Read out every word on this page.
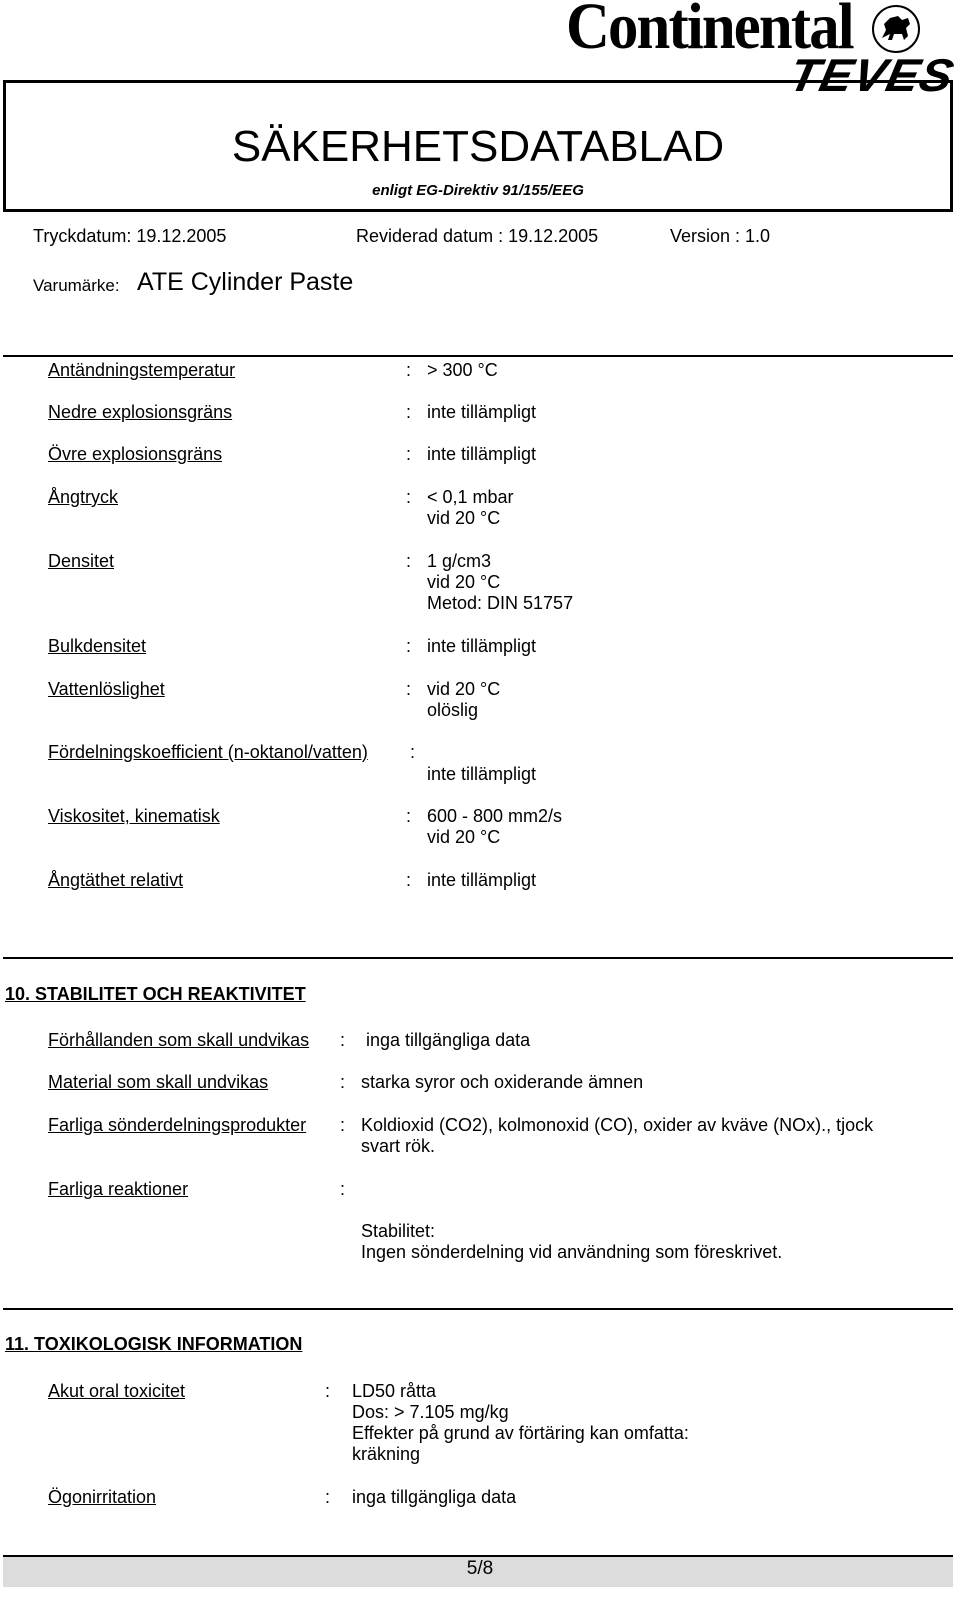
Continental
TEVES
SÄKERHETSDATABLAD
enligt EG-Direktiv 91/155/EEG
Tryckdatum: 19.12.2005	Reviderad datum : 19.12.2005	Version : 1.0
Varumärke: ATE Cylinder Paste
Antändningstemperatur	: > 300 °C
Nedre explosionsgräns	: inte tillämpligt
Övre explosionsgräns	: inte tillämpligt
Ångtryck	: < 0,1 mbar
vid 20 °C
Densitet	: 1 g/cm3
vid 20 °C
Metod: DIN 51757
Bulkdensitet	: inte tillämpligt
Vattenlöslighet	: vid 20 °C
olöslig
Fördelningskoefficient (n-oktanol/vatten) :
inte tillämpligt
Viskositet, kinematisk	: 600 - 800 mm2/s
vid 20 °C
Ångtäthet relativt	: inte tillämpligt
10. STABILITET OCH REAKTIVITET
Förhållanden som skall undvikas : inga tillgängliga data
Material som skall undvikas	: starka syror och oxiderande ämnen
Farliga sönderdelningsprodukter : Koldioxid (CO2), kolmonoxid (CO), oxider av kväve (NOx)., tjock
svart rök.
Farliga reaktioner	:
Stabilitet:
Ingen sönderdelning vid användning som föreskrivet.
11. TOXIKOLOGISK INFORMATION
Akut oral toxicitet	: LD50 råtta
Dos: > 7.105 mg/kg
Effekter på grund av förtäring kan omfatta:
kräkning
Ögonirritation	: inga tillgängliga data
5/8
